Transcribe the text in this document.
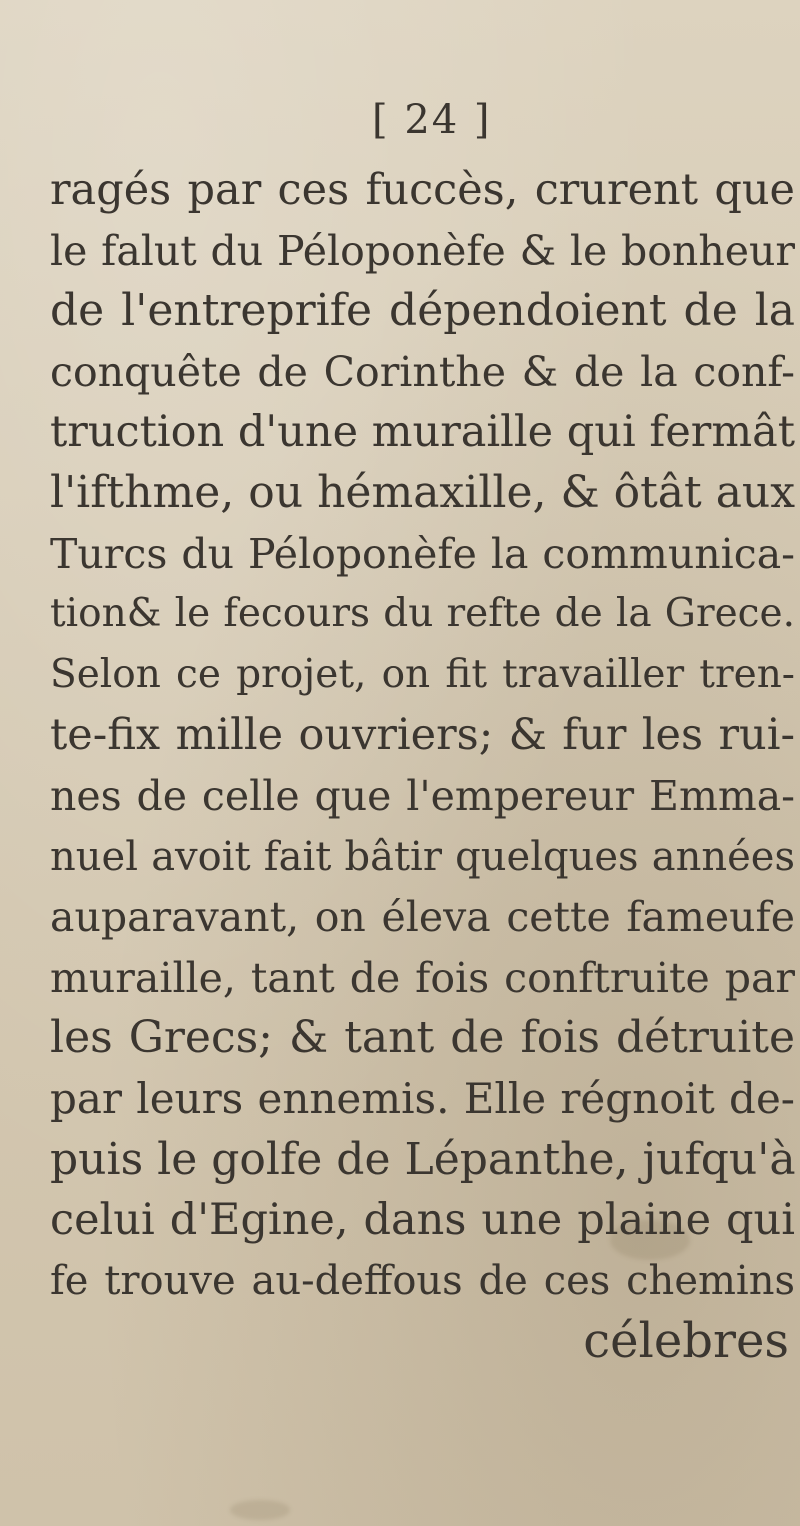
[ 24 ]
ragés par ces fuccès, crurent que
le falut du Péloponèfe & le bonheur
de l'entreprife dépendoient de la
conquête de Corinthe & de la conf-
truction d'une muraille qui fermât
l'ifthme, ou hémaxille, & ôtât aux
Turcs du Péloponèfe la communica-
tion& le fecours du refte de la Grece.
Selon ce projet, on fit travailler tren-
te-fix mille ouvriers; & fur les rui-
nes de celle que l'empereur Emma-
nuel avoit fait bâtir quelques années
auparavant, on éleva cette fameufe
muraille, tant de fois conftruite par
les Grecs; & tant de fois détruite
par leurs ennemis. Elle régnoit de-
puis le golfe de Lépanthe, jufqu'à
celui d'Egine, dans une plaine qui
fe trouve au-deffous de ces chemins
célebres
